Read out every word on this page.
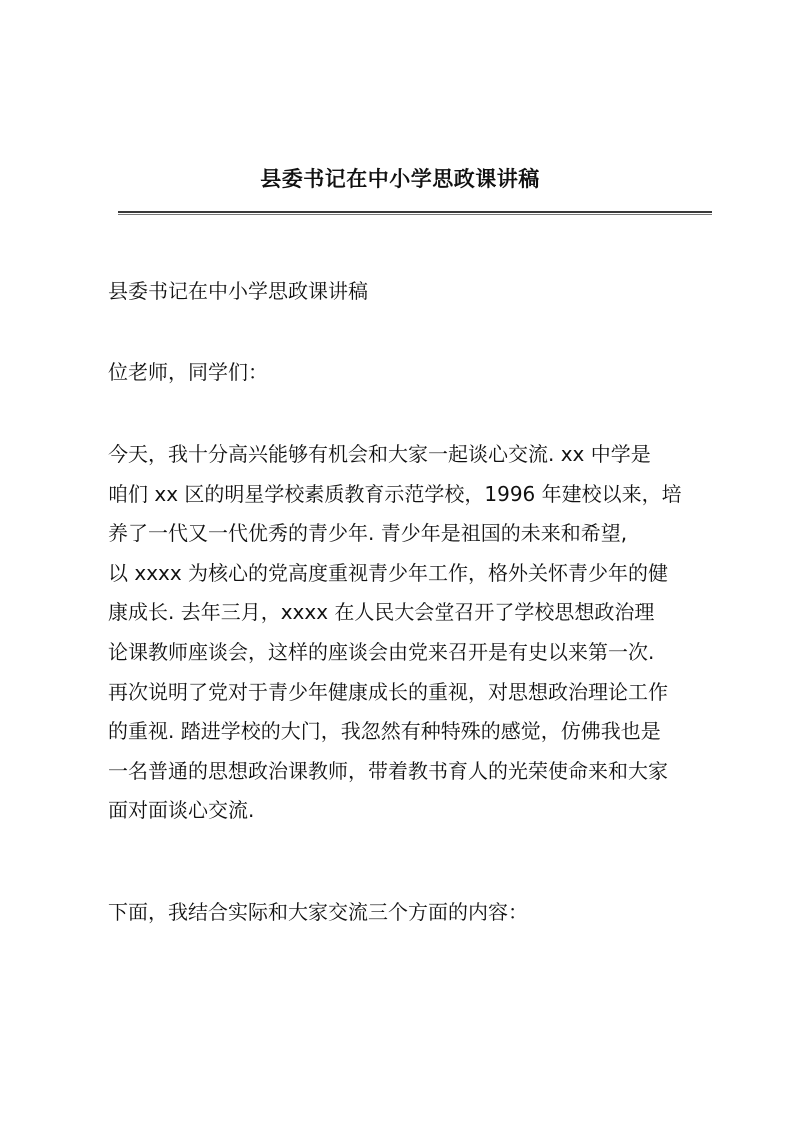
县委书记在中小学思政课讲稿
县委书记在中小学思政课讲稿
位老师，同学们：
今天，我十分高兴能够有机会和大家一起谈心交流. xx 中学是
咱们 xx 区的明星学校素质教育示范学校，1996 年建校以来，培
养了一代又一代优秀的青少年. 青少年是祖国的未来和希望,
以 xxxx 为核心的党高度重视青少年工作，格外关怀青少年的健
康成长. 去年三月，xxxx 在人民大会堂召开了学校思想政治理
论课教师座谈会，这样的座谈会由党来召开是有史以来第一次.
再次说明了党对于青少年健康成长的重视，对思想政治理论工作
的重视. 踏进学校的大门，我忽然有种特殊的感觉，仿佛我也是
一名普通的思想政治课教师，带着教书育人的光荣使命来和大家
面对面谈心交流.
下面，我结合实际和大家交流三个方面的内容：
